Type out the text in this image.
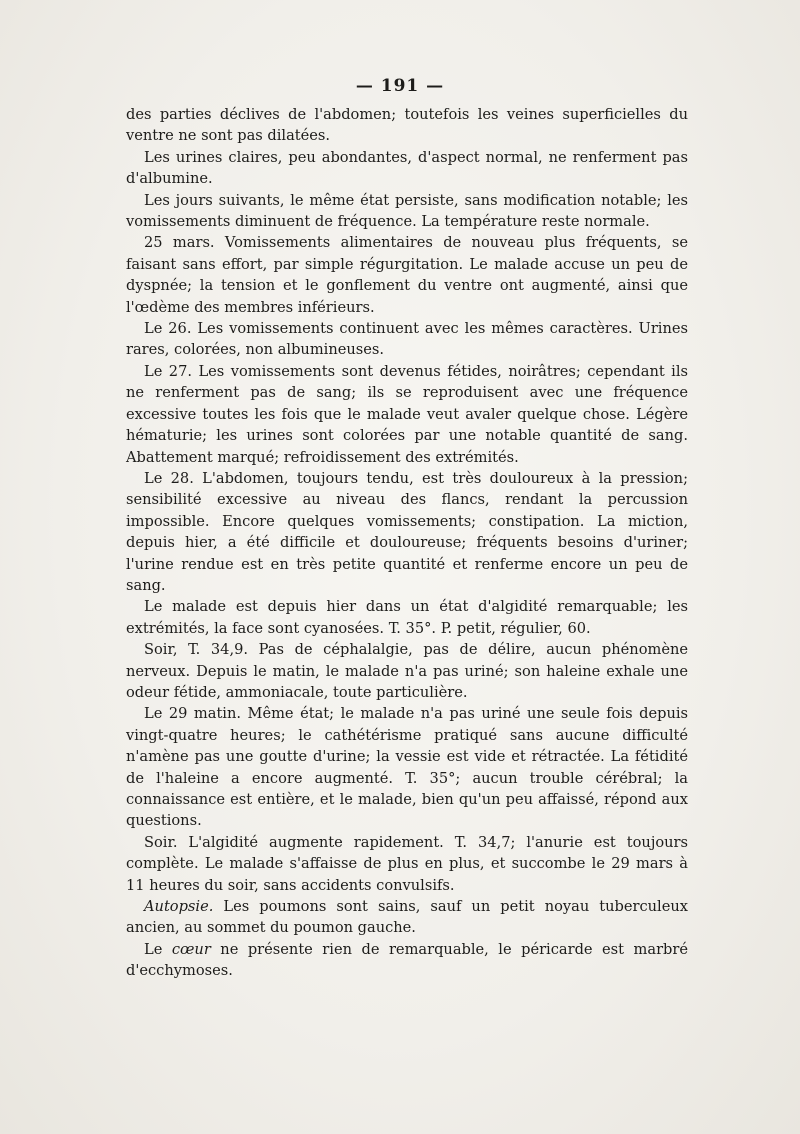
— 191 —

des parties déclives de l'abdomen; toutefois les veines superficielles du ventre ne sont pas dilatées.

Les urines claires, peu abondantes, d'aspect normal, ne renferment pas d'albumine.

Les jours suivants, le même état persiste, sans modification notable; les vomissements diminuent de fréquence. La température reste normale.

25 mars. Vomissements alimentaires de nouveau plus fréquents, se faisant sans effort, par simple régurgitation. Le malade accuse un peu de dyspnée; la tension et le gonflement du ventre ont augmenté, ainsi que l'œdème des membres inférieurs.

Le 26. Les vomissements continuent avec les mêmes caractères. Urines rares, colorées, non albumineuses.

Le 27. Les vomissements sont devenus fétides, noirâtres; cependant ils ne renferment pas de sang; ils se reproduisent avec une fréquence excessive toutes les fois que le malade veut avaler quelque chose. Légère hématurie; les urines sont colorées par une notable quantité de sang. Abattement marqué; refroidissement des extrémités.

Le 28. L'abdomen, toujours tendu, est très douloureux à la pression; sensibilité excessive au niveau des flancs, rendant la percussion impossible. Encore quelques vomissements; constipation. La miction, depuis hier, a été difficile et douloureuse; fréquents besoins d'uriner; l'urine rendue est en très petite quantité et renferme encore un peu de sang.

Le malade est depuis hier dans un état d'algidité remarquable; les extrémités, la face sont cyanosées. T. 35°. P. petit, régulier, 60.

Soir, T. 34,9. Pas de céphalalgie, pas de délire, aucun phénomène nerveux. Depuis le matin, le malade n'a pas uriné; son haleine exhale une odeur fétide, ammoniacale, toute particulière.

Le 29 matin. Même état; le malade n'a pas uriné une seule fois depuis vingt-quatre heures; le cathétérisme pratiqué sans aucune difficulté n'amène pas une goutte d'urine; la vessie est vide et rétractée. La fétidité de l'haleine a encore augmenté. T. 35°; aucun trouble cérébral; la connaissance est entière, et le malade, bien qu'un peu affaissé, répond aux questions.

Soir. L'algidité augmente rapidement. T. 34,7; l'anurie est toujours complète. Le malade s'affaisse de plus en plus, et succombe le 29 mars à 11 heures du soir, sans accidents convulsifs.

Autopsie. Les poumons sont sains, sauf un petit noyau tuberculeux ancien, au sommet du poumon gauche.

Le cœur ne présente rien de remarquable, le péricarde est marbré d'ecchymoses.
